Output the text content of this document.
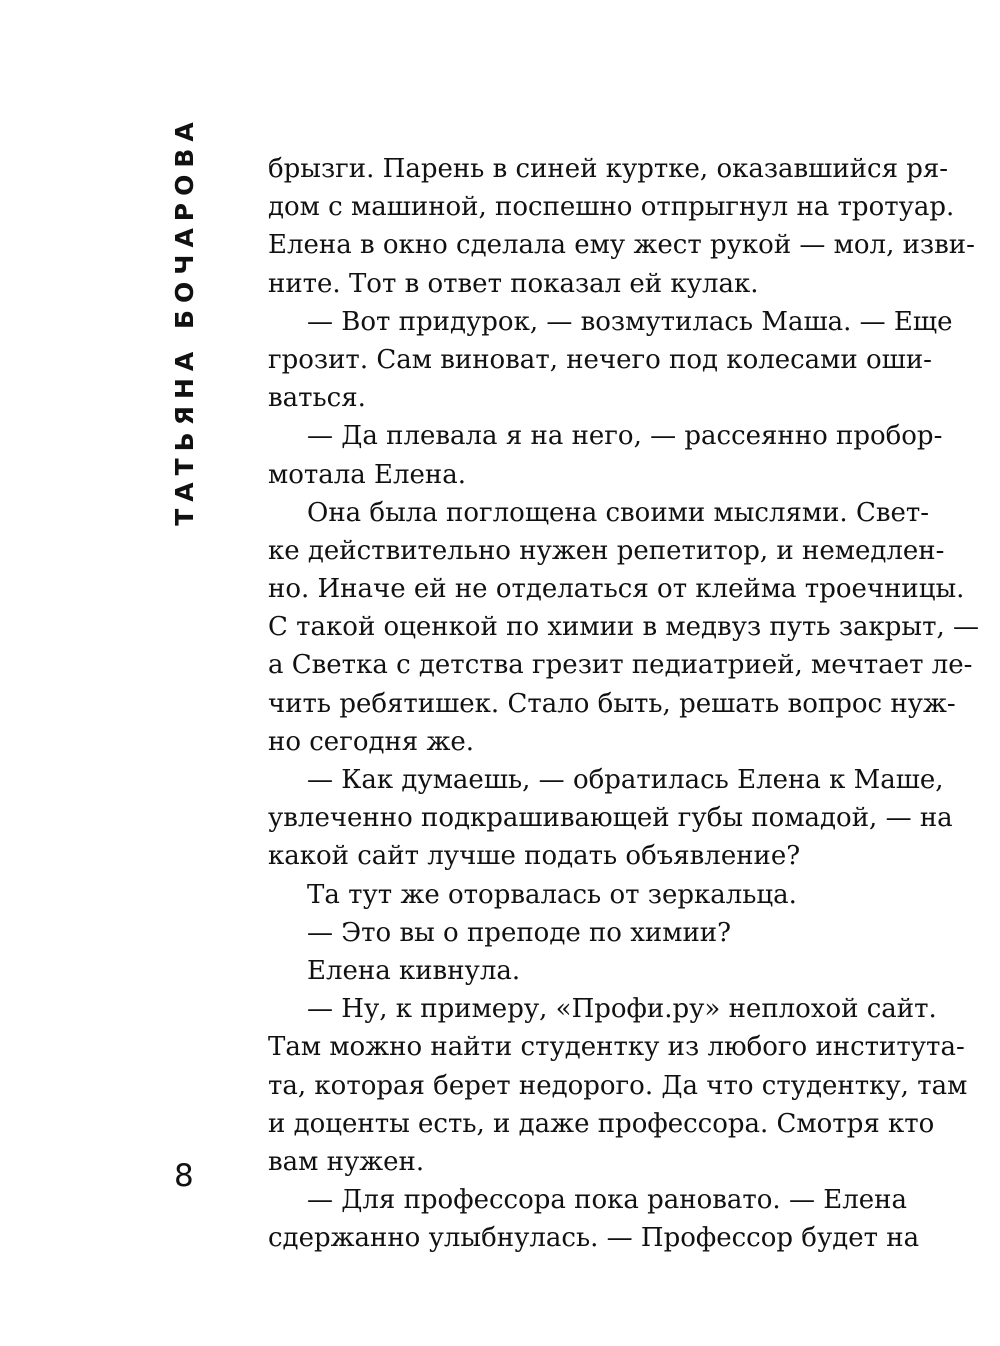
ТАТЬЯНА БОЧАРОВА	брызги. Парень в синей куртке, оказавшийся ря-
дом с машиной, поспешно отпрыгнул на тротуар.
Елена в окно сделала ему жест рукой — мол, изви-
ните. Тот в ответ показал ей кулак.
— Вот придурок, — возмутилась Маша. — Еще
грозит. Сам виноват, нечего под колесами оши-
ваться.
— Да плевала я на него, — рассеянно пробор-
мотала Елена.
Она была поглощена своими мыслями. Свет-
ке действительно нужен репетитор, и немедлен-
но. Иначе ей не отделаться от клейма троечницы.
С такой оценкой по химии в медвуз путь закрыт, —
а Светка с детства грезит педиатрией, мечтает ле-
чить ребятишек. Стало быть, решать вопрос нуж-
но сегодня же.
— Как думаешь, — обратилась Елена к Маше,
увлеченно подкрашивающей губы помадой, — на
какой сайт лучше подать объявление?
Та тут же оторвалась от зеркальца.
— Это вы о преподе по химии?
Елена кивнула.
— Ну, к примеру, «Профи.ру» неплохой сайт.
Там можно найти студентку из любого института-
та, которая берет недорого. Да что студентку, там
и доценты есть, и даже профессора. Смотря кто
вам нужен.
— Для профессора пока рановато. — Елена
сдержанно улыбнулась. — Профессор будет на
8
